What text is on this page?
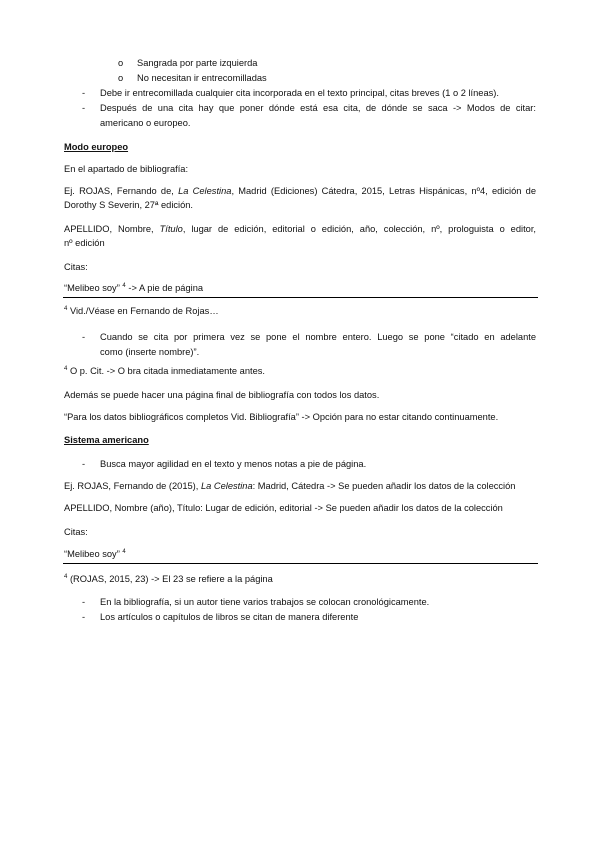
o Sangrada por parte izquierda
o No necesitan ir entrecomilladas
- Debe ir entrecomillada cualquier cita incorporada en el texto principal, citas breves (1 o 2 líneas).
- Después de una cita hay que poner dónde está esa cita, de dónde se saca -> Modos de citar:
americano o europeo.
Modo europeo
En el apartado de bibliografía:
Ej. ROJAS, Fernando de, La Celestina, Madrid (Ediciones) Cátedra, 2015, Letras Hispánicas, nº4, edición de
Dorothy S Severin, 27ª edición.
APELLIDO, Nombre, Título, lugar de edición, editorial o edición, año, colección, nº, prologuista o editor,
nº edición
Citas:
“Melibeo soy” $^4$ -> A pie de página
$^4$ Vid./Véase en Fernando de Rojas…
- Cuando se cita por primera vez se pone el nombre entero. Luego se pone “citado en adelante
como (inserte nombre)”.
$^4$ O p. Cit. -> O bra citada inmediatamente antes.
Además se puede hacer una página final de bibliografía con todos los datos.
“Para los datos bibliográficos completos Vid. Bibliografía” -> Opción para no estar citando continuamente.
Sistema americano
- Busca mayor agilidad en el texto y menos notas a pie de página.
Ej. ROJAS, Fernando de (2015), La Celestina: Madrid, Cátedra -> Se pueden añadir los datos de la colección
APELLIDO, Nombre (año), Título: Lugar de edición, editorial -> Se pueden añadir los datos de la colección
Citas:
“Melibeo soy” $^4$
$^4$ (ROJAS, 2015, 23) -> El 23 se refiere a la página
- En la bibliografía, si un autor tiene varios trabajos se colocan cronológicamente.
- Los artículos o capítulos de libros se citan de manera diferente
